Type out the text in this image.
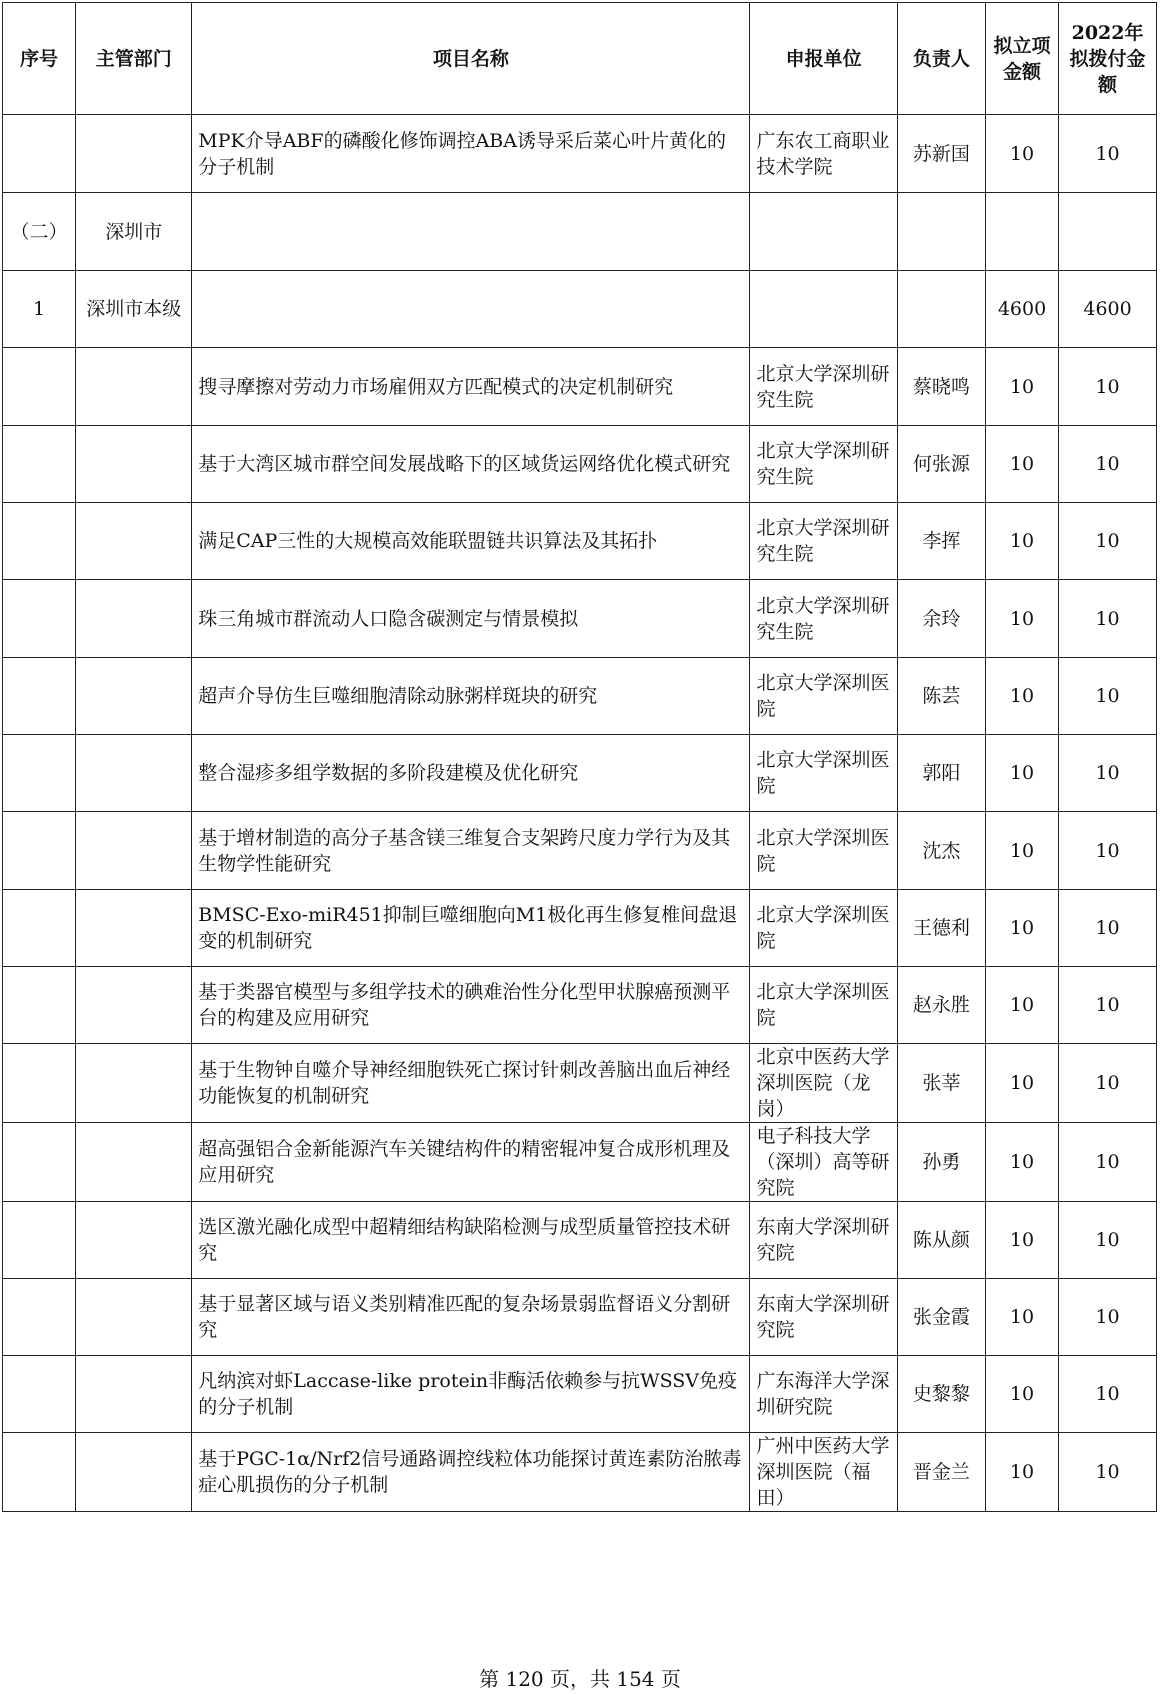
序号	主管部门	项目名称	申报单位	负责人	拟立项金额	2022年拟拨付金额
		MPK介导ABF的磷酸化修饰调控ABA诱导采后菜心叶片黄化的分子机制	广东农工商职业技术学院	苏新国	10	10
（二）	深圳市					
1	深圳市本级				4600	4600
		搜寻摩擦对劳动力市场雇佣双方匹配模式的决定机制研究	北京大学深圳研究生院	蔡晓鸣	10	10
		基于大湾区城市群空间发展战略下的区域货运网络优化模式研究	北京大学深圳研究生院	何张源	10	10
		满足CAP三性的大规模高效能联盟链共识算法及其拓扑	北京大学深圳研究生院	李挥	10	10
		珠三角城市群流动人口隐含碳测定与情景模拟	北京大学深圳研究生院	余玲	10	10
		超声介导仿生巨噬细胞清除动脉粥样斑块的研究	北京大学深圳医院	陈芸	10	10
		整合湿疹多组学数据的多阶段建模及优化研究	北京大学深圳医院	郭阳	10	10
		基于增材制造的高分子基含镁三维复合支架跨尺度力学行为及其生物学性能研究	北京大学深圳医院	沈杰	10	10
		BMSC-Exo-miR451抑制巨噬细胞向M1极化再生修复椎间盘退变的机制研究	北京大学深圳医院	王德利	10	10
		基于类器官模型与多组学技术的碘难治性分化型甲状腺癌预测平台的构建及应用研究	北京大学深圳医院	赵永胜	10	10
		基于生物钟自噬介导神经细胞铁死亡探讨针刺改善脑出血后神经功能恢复的机制研究	北京中医药大学深圳医院（龙岗）	张莘	10	10
		超高强铝合金新能源汽车关键结构件的精密辊冲复合成形机理及应用研究	电子科技大学（深圳）高等研究院	孙勇	10	10
		选区激光融化成型中超精细结构缺陷检测与成型质量管控技术研究	东南大学深圳研究院	陈从颜	10	10
		基于显著区域与语义类别精准匹配的复杂场景弱监督语义分割研究	东南大学深圳研究院	张金霞	10	10
		凡纳滨对虾Laccase-like protein非酶活依赖参与抗WSSV免疫的分子机制	广东海洋大学深圳研究院	史黎黎	10	10
		基于PGC-1α/Nrf2信号通路调控线粒体功能探讨黄连素防治脓毒症心肌损伤的分子机制	广州中医药大学深圳医院（福田）	晋金兰	10	10
第 120 页，共 154 页
